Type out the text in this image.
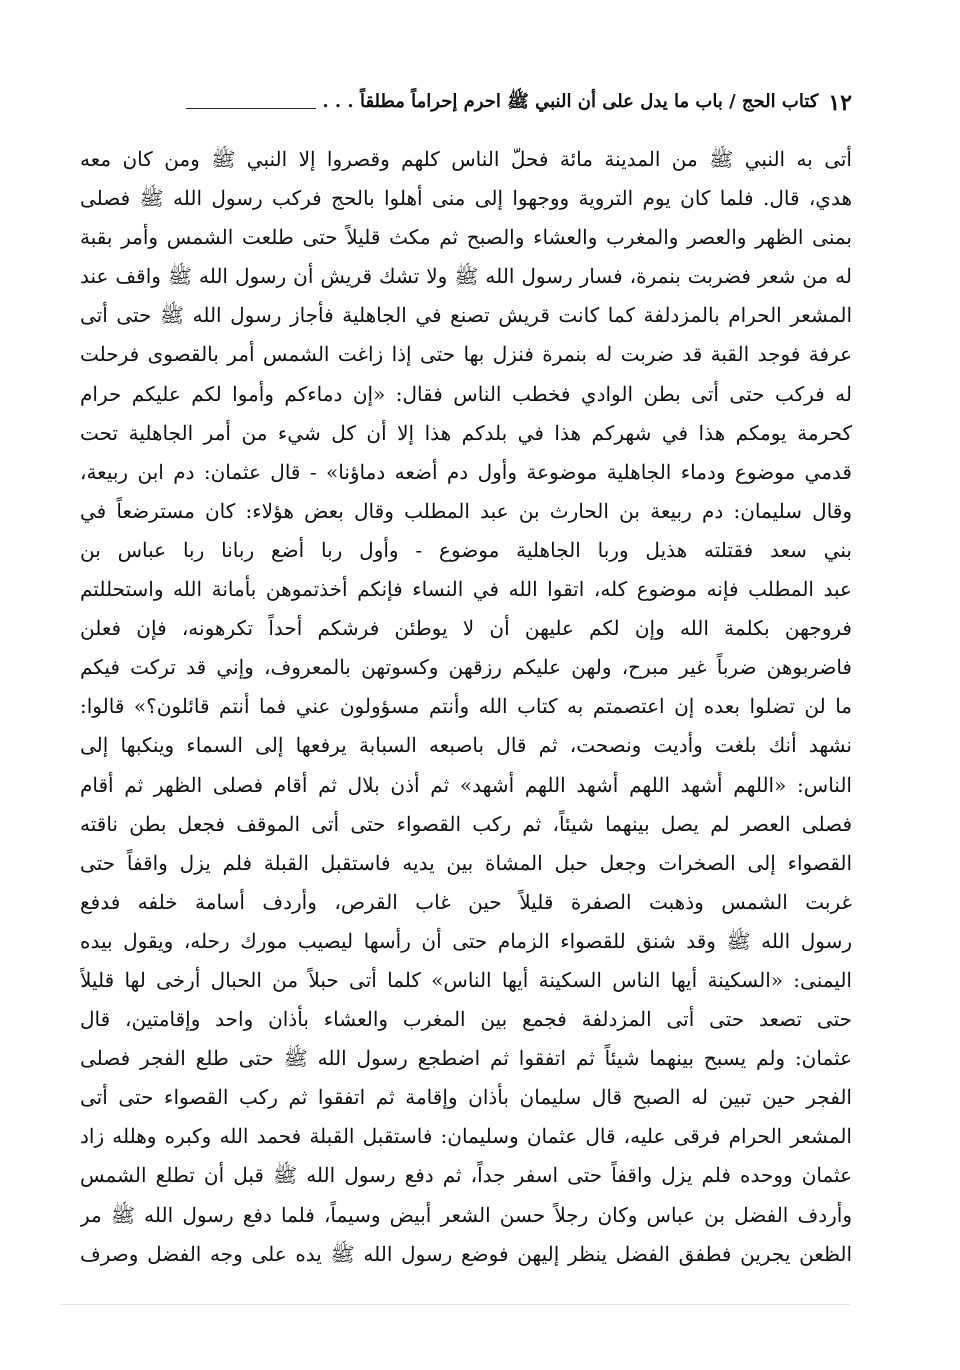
١٢
كتاب الحج / باب ما يدل على أن النبي ﷺ احرم إحراماً مطلقاً . . .
أتى به النبي ﷺ من المدينة مائة فحلّ الناس كلهم وقصروا إلا النبي ﷺ ومن كان معه
هدي، قال. فلما كان يوم التروية ووجهوا إلى منى أهلوا بالحج فركب رسول الله ﷺ فصلى
بمنى الظهر والعصر والمغرب والعشاء والصبح ثم مكث قليلاً حتى طلعت الشمس وأمر بقبة
له من شعر فضربت بنمرة، فسار رسول الله ﷺ ولا تشك قريش أن رسول الله ﷺ واقف عند
المشعر الحرام بالمزدلفة كما كانت قريش تصنع في الجاهلية فأجاز رسول الله ﷺ حتى أتى
عرفة فوجد القبة قد ضربت له بنمرة فنزل بها حتى إذا زاغت الشمس أمر بالقصوى فرحلت
له فركب حتى أتى بطن الوادي فخطب الناس فقال: «إن دماءكم وأموا لكم عليكم حرام
كحرمة يومكم هذا في شهركم هذا في بلدكم هذا إلا أن كل شيء من أمر الجاهلية تحت
قدمي موضوع ودماء الجاهلية موضوعة وأول دم أضعه دماؤنا» - قال عثمان: دم ابن ربيعة،
وقال سليمان: دم ربيعة بن الحارث بن عبد المطلب وقال بعض هؤلاء: كان مسترضعاً في
بني سعد فقتلته هذيل وربا الجاهلية موضوع - وأول ربا أضع ربانا ربا عباس بن
عبد المطلب فإنه موضوع كله، اتقوا الله في النساء فإنكم أخذتموهن بأمانة الله واستحللتم
فروجهن بكلمة الله وإن لكم عليهن أن لا يوطئن فرشكم أحداً تكرهونه، فإن فعلن
فاضربوهن ضرباً غير مبرح، ولهن عليكم رزقهن وكسوتهن بالمعروف، وإني قد تركت فيكم
ما لن تضلوا بعده إن اعتصمتم به كتاب الله وأنتم مسؤولون عني فما أنتم قائلون؟» قالوا:
نشهد أنك بلغت وأديت ونصحت، ثم قال باصبعه السبابة يرفعها إلى السماء وينكبها إلى
الناس: «اللهم أشهد اللهم أشهد اللهم أشهد» ثم أذن بلال ثم أقام فصلى الظهر ثم أقام
فصلى العصر لم يصل بينهما شيئاً، ثم ركب القصواء حتى أتى الموقف فجعل بطن ناقته
القصواء إلى الصخرات وجعل حبل المشاة بين يديه فاستقبل القبلة فلم يزل واقفاً حتى
غربت الشمس وذهبت الصفرة قليلاً حين غاب القرص، وأردف أسامة خلفه فدفع
رسول الله ﷺ وقد شنق للقصواء الزمام حتى أن رأسها ليصيب مورك رحله، ويقول بيده
اليمنى: «السكينة أيها الناس السكينة أيها الناس» كلما أتى حبلاً من الحبال أرخى لها قليلاً
حتى تصعد حتى أتى المزدلفة فجمع بين المغرب والعشاء بأذان واحد وإقامتين، قال
عثمان: ولم يسبح بينهما شيئاً ثم اتفقوا ثم اضطجع رسول الله ﷺ حتى طلع الفجر فصلى
الفجر حين تبين له الصبح قال سليمان بأذان وإقامة ثم اتفقوا ثم ركب القصواء حتى أتى
المشعر الحرام فرقى عليه، قال عثمان وسليمان: فاستقبل القبلة فحمد الله وكبره وهلله زاد
عثمان ووحده فلم يزل واقفاً حتى اسفر جداً، ثم دفع رسول الله ﷺ قبل أن تطلع الشمس
وأردف الفضل بن عباس وكان رجلاً حسن الشعر أبيض وسيماً، فلما دفع رسول الله ﷺ مر
الظعن يجرين فطفق الفضل ينظر إليهن فوضع رسول الله ﷺ يده على وجه الفضل وصرف
